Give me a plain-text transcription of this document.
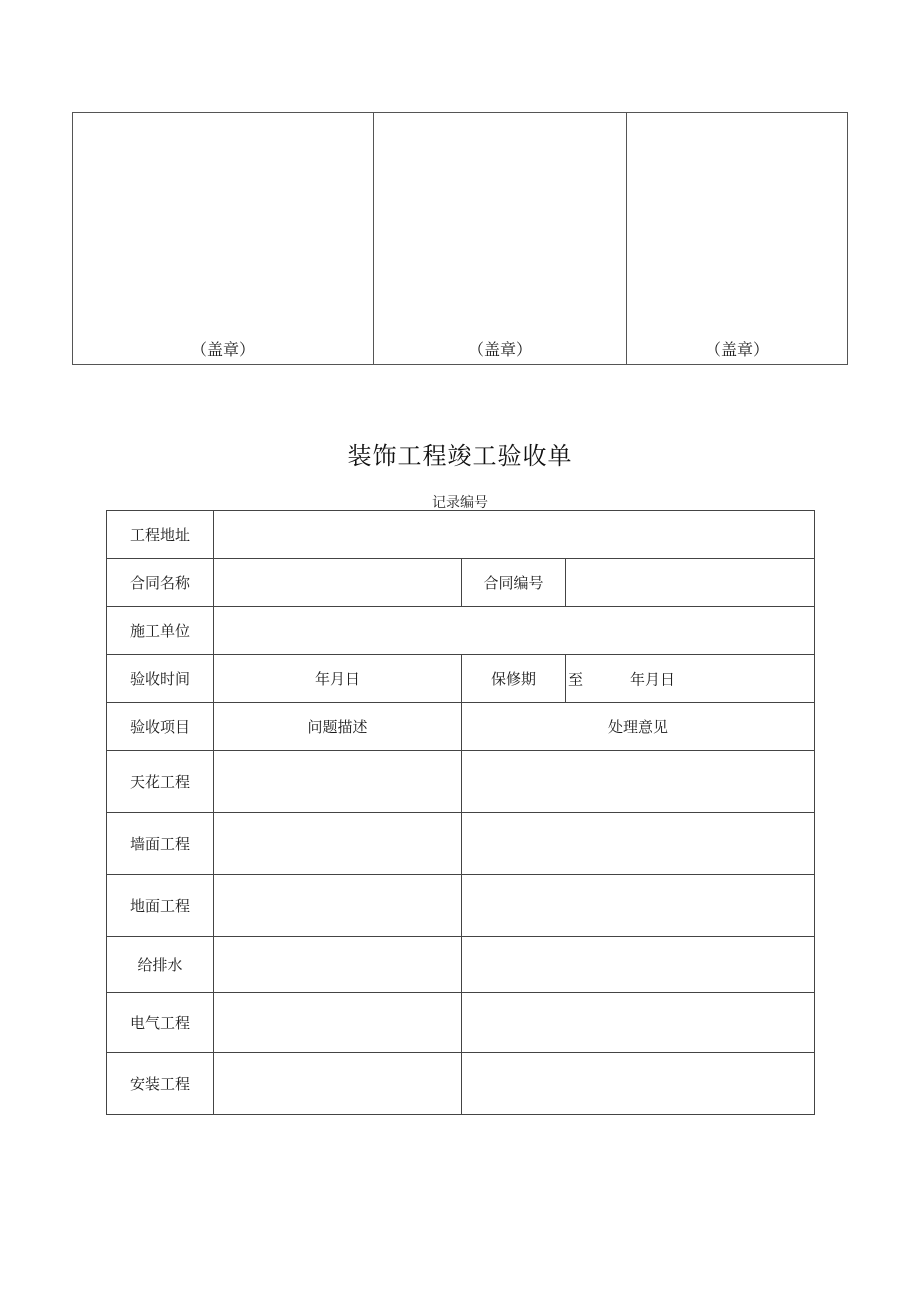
（盖章）	（盖章）	（盖章）
装饰工程竣工验收单
记录编号
工程地址			
合同名称		合同编号	
施工单位			
验收时间	年月日	保修期	至 年月日

验收项目	问题描述	处理意见	
天花工程			
墙面工程			
地面工程			
给排水			
电气工程			
安装工程			
